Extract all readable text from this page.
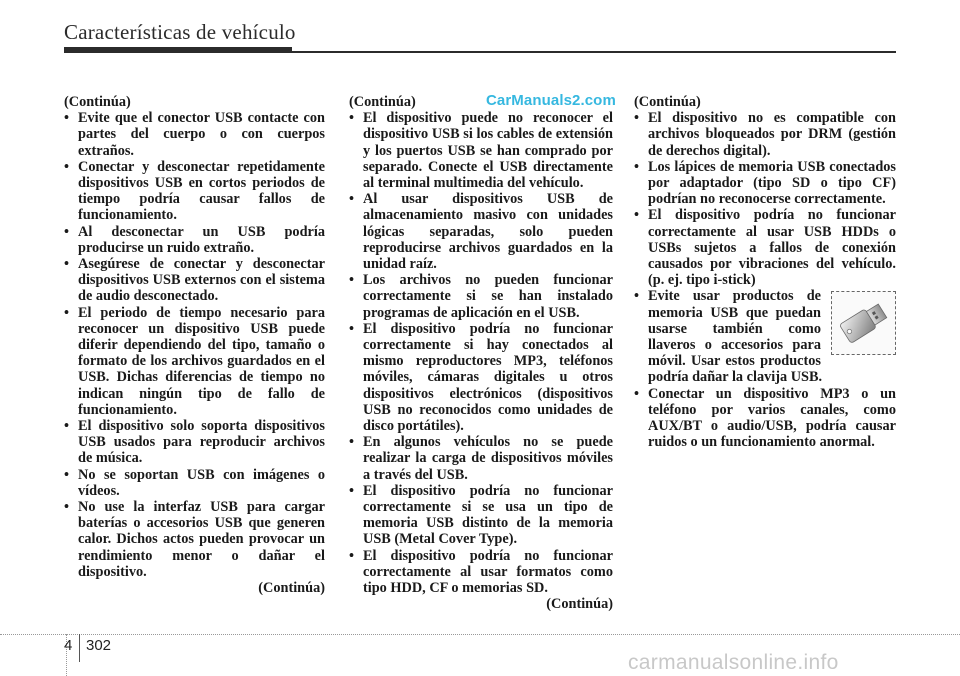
Características de vehículo
CarManuals2.com

(Continúa)

• Evite que el conector USB contacte con partes del cuerpo o con cuerpos extraños.
• Conectar y desconectar repetidamente dispositivos USB en cortos periodos de tiempo podría causar fallos de funcionamiento.
• Al desconectar un USB podría producirse un ruido extraño.
• Asegúrese de conectar y desconectar dispositivos USB externos con el sistema de audio desconectado.
• El periodo de tiempo necesario para reconocer un dispositivo USB puede diferir dependiendo del tipo, tamaño o formato de los archivos guardados en el USB. Dichas diferencias de tiempo no indican ningún tipo de fallo de funcionamiento.
• El dispositivo solo soporta dispositivos USB usados para reproducir archivos de música.
• No se soportan USB con imágenes o vídeos.
• No use la interfaz USB para cargar baterías o accesorios USB que generen calor. Dichos actos pueden provocar un rendimiento menor o dañar el dispositivo.
(Continúa)

(Continúa)

• El dispositivo puede no reconocer el dispositivo USB si los cables de extensión y los puertos USB se han comprado por separado. Conecte el USB directamente al terminal multimedia del vehículo.
• Al usar dispositivos USB de almacenamiento masivo con unidades lógicas separadas, solo pueden reproducirse archivos guardados en la unidad raíz.
• Los archivos no pueden funcionar correctamente si se han instalado programas de aplicación en el USB.
• El dispositivo podría no funcionar correctamente si hay conectados al mismo reproductores MP3, teléfonos móviles, cámaras digitales u otros dispositivos electrónicos (dispositivos USB no reconocidos como unidades de disco portátiles).
• En algunos vehículos no se puede realizar la carga de dispositivos móviles a través del USB.
• El dispositivo podría no funcionar correctamente si se usa un tipo de memoria USB distinto de la memoria USB (Metal Cover Type).
• El dispositivo podría no funcionar correctamente al usar formatos como tipo HDD, CF o memorias SD.
(Continúa)

(Continúa)

• El dispositivo no es compatible con archivos bloqueados por DRM (gestión de derechos digital).
• Los lápices de memoria USB conectados por adaptador (tipo SD o tipo CF) podrían no reconocerse correctamente.
• El dispositivo podría no funcionar correctamente al usar USB HDDs o USBs sujetos a fallos de conexión causados por vibraciones del vehículo. (p. ej. tipo i-stick)
• Evite usar productos de memoria USB que puedan usarse también como llaveros o accesorios para móvil. Usar estos productos podría dañar la clavija USB.
• Conectar un dispositivo MP3 o un teléfono por varios canales, como AUX/BT o audio/USB, podría causar ruidos o un funcionamiento anormal.
4 302
carmanualsonline.info
